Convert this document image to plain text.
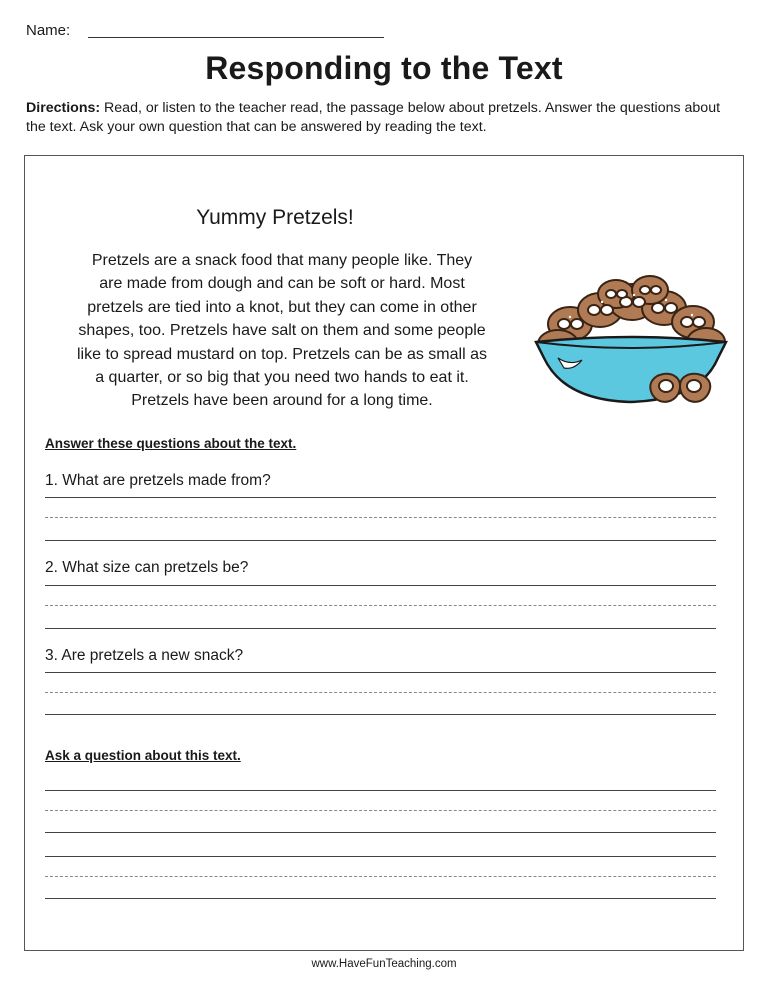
Name:
Responding to the Text
Directions: Read, or listen to the teacher read, the passage below about pretzels. Answer the questions about the text. Ask your own question that can be answered by reading the text.
Yummy Pretzels!
Pretzels are a snack food that many people like. They
are made from dough and can be soft or hard. Most
pretzels are tied into a knot, but they can come in other
shapes, too. Pretzels have salt on them and some people
like to spread mustard on top. Pretzels can be as small as
a quarter, or so big that you need two hands to eat it.
Pretzels have been around for a long time.
Answer these questions about the text.
1. What are pretzels made from?
2. What size can pretzels be?
3. Are pretzels a new snack?
Ask a question about this text.
www.HaveFunTeaching.com
